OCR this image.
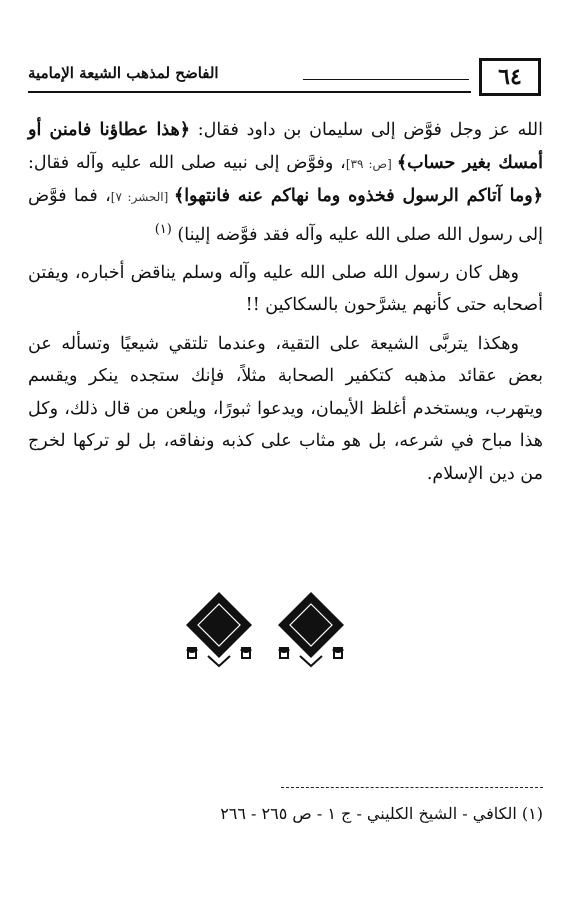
الفاضح لمذهب الشيعة الإمامية	٦٤

الله عز وجل فوَّض إلى سليمان بن داود فقال: ﴿هذا عطاؤنا فامنن أو أمسك بغير حساب﴾ [ص: ٣٩]، وفوَّض إلى نبيه صلى الله عليه وآله فقال: ﴿وما آتاكم الرسول فخذوه وما نهاكم عنه فانتهوا﴾ [الحشر: ٧]، فما فوَّض إلى رسول الله صلى الله عليه وآله فقد فوَّضه إلينا) $^{(١)}$

وهل كان رسول الله صلى الله عليه وآله وسلم يناقض أخباره، ويفتن أصحابه حتى كأنهم يشرَّحون بالسكاكين !!

وهكذا يتربَّى الشيعة على التقية، وعندما تلتقي شيعيًا وتسأله عن بعض عقائد مذهبه كتكفير الصحابة مثلاً، فإنك ستجده ينكر ويقسم ويتهرب، ويستخدم أغلظ الأيمان، ويدعوا ثبورًا، ويلعن من قال ذلك، وكل هذا مباح في شرعه، بل هو مثاب على كذبه ونفاقه، بل لو تركها لخرج من دين الإسلام.

(١) الكافي - الشيخ الكليني - ج ١ - ص ٢٦٥ - ٢٦٦
